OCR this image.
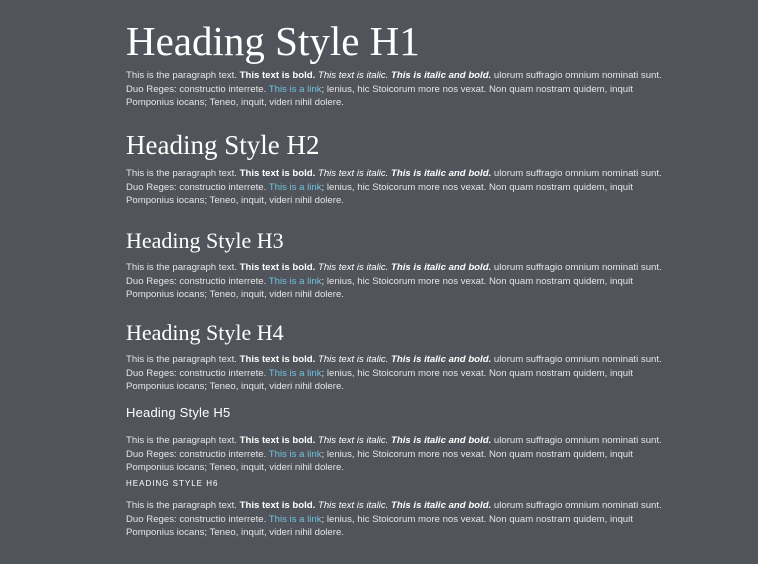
Heading Style H1

This is the paragraph text. This text is bold. This text is italic. This is italic and bold. ulorum suffragio omnium nominati sunt.
Duo Reges: constructio interrete. This is a link; lenius, hic Stoicorum more nos vexat. Non quam nostram quidem, inquit
Pomponius iocans; Teneo, inquit, videri nihil dolere.

Heading Style H2

This is the paragraph text. This text is bold. This text is italic. This is italic and bold. ulorum suffragio omnium nominati sunt.
Duo Reges: constructio interrete. This is a link; lenius, hic Stoicorum more nos vexat. Non quam nostram quidem, inquit
Pomponius iocans; Teneo, inquit, videri nihil dolere.

Heading Style H3

This is the paragraph text. This text is bold. This text is italic. This is italic and bold. ulorum suffragio omnium nominati sunt.
Duo Reges: constructio interrete. This is a link; lenius, hic Stoicorum more nos vexat. Non quam nostram quidem, inquit
Pomponius iocans; Teneo, inquit, videri nihil dolere.

Heading Style H4

This is the paragraph text. This text is bold. This text is italic. This is italic and bold. ulorum suffragio omnium nominati sunt.
Duo Reges: constructio interrete. This is a link; lenius, hic Stoicorum more nos vexat. Non quam nostram quidem, inquit
Pomponius iocans; Teneo, inquit, videri nihil dolere.

Heading Style H5

This is the paragraph text. This text is bold. This text is italic. This is italic and bold. ulorum suffragio omnium nominati sunt.
Duo Reges: constructio interrete. This is a link; lenius, hic Stoicorum more nos vexat. Non quam nostram quidem, inquit
Pomponius iocans; Teneo, inquit, videri nihil dolere.

HEADING STYLE H6

This is the paragraph text. This text is bold. This text is italic. This is italic and bold. ulorum suffragio omnium nominati sunt.
Duo Reges: constructio interrete. This is a link; lenius, hic Stoicorum more nos vexat. Non quam nostram quidem, inquit
Pomponius iocans; Teneo, inquit, videri nihil dolere.
